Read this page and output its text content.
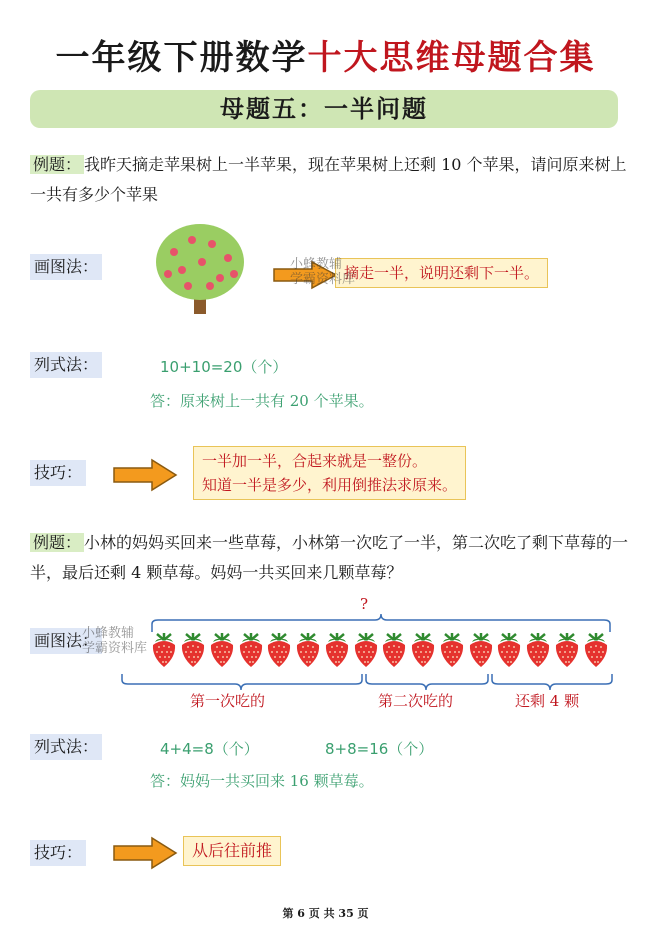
一年级下册数学十大思维母题合集
母题五：一半问题
例题： 我昨天摘走苹果树上一半苹果，现在苹果树上还剩 10 个苹果，请问原来树上一共有多少个苹果
画图法：	摘走一半，说明还剩下一半。
小蜂教辅
学霸资料库
列式法：	10+10=20（个）
答：原来树上一共有 20 个苹果。
技巧：
一半加一半，合起来就是一整份。
知道一半是多少，利用倒推法求原来。
例题： 小林的妈妈买回来一些草莓，小林第一次吃了一半，第二次吃了剩下草莓的一半，最后还剩 4 颗草莓。妈妈一共买回来几颗草莓？
?
画图法：
第一次吃的	第二次吃的	还剩 4 颗
小蜂教辅
学霸资料库
列式法：	4+4=8（个）	8+8=16（个）
答：妈妈一共买回来 16 颗草莓。
技巧：	从后往前推
第 6 页 共 35 页
